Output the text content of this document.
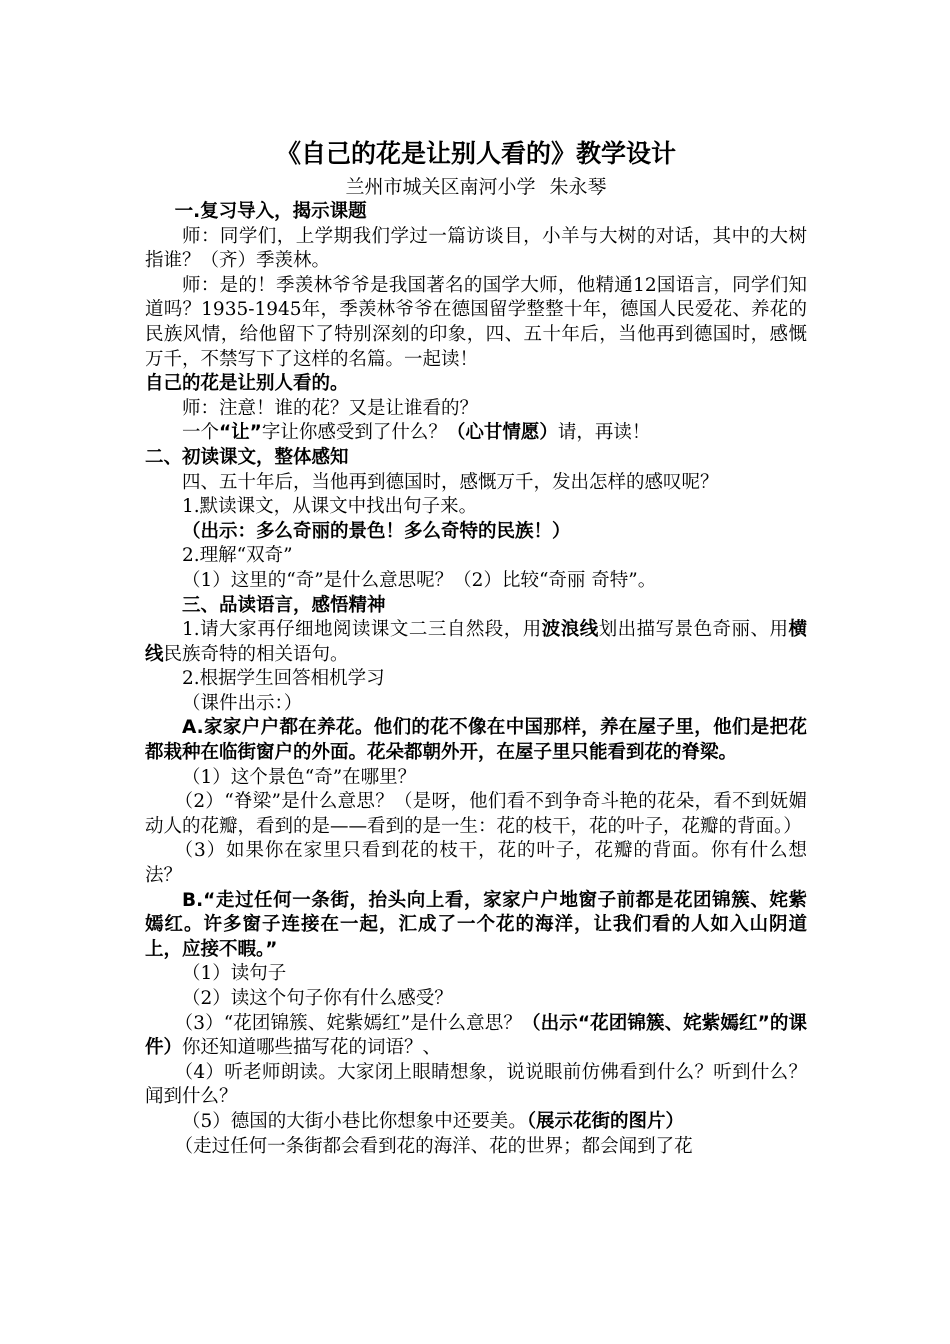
《自己的花是让别人看的》教学设计
兰州市城关区南河小学 朱永琴

一.复习导入，揭示课题

师：同学们，上学期我们学过一篇访谈目，小羊与大树的对话，其中的大树指谁？（齐）季羡林。

师：是的！季羡林爷爷是我国著名的国学大师，他精通12国语言，同学们知道吗？1935-1945年，季羡林爷爷在德国留学整整十年，德国人民爱花、养花的民族风情，给他留下了特别深刻的印象，四、五十年后，当他再到德国时，感慨万千，不禁写下了这样的名篇。一起读！

自己的花是让别人看的。

师：注意！谁的花？又是让谁看的？

一个“让”字让你感受到了什么？（心甘情愿）请，再读！

二、初读课文，整体感知

四、五十年后，当他再到德国时，感慨万千，发出怎样的感叹呢？

1.默读课文，从课文中找出句子来。

（出示：多么奇丽的景色！多么奇特的民族！）

2.理解“双奇”

（1）这里的“奇”是什么意思呢？（2）比较“奇丽 奇特”。

三、品读语言，感悟精神

1.请大家再仔细地阅读课文二三自然段，用波浪线划出描写景色奇丽、用横线民族奇特的相关语句。

2.根据学生回答相机学习

（课件出示：）

A.家家户户都在养花。他们的花不像在中国那样，养在屋子里，他们是把花都栽种在临街窗户的外面。花朵都朝外开，在屋子里只能看到花的脊梁。

（1）这个景色“奇”在哪里？

（2）“脊梁”是什么意思？（是呀，他们看不到争奇斗艳的花朵，看不到妩媚动人的花瓣，看到的是——看到的是一生：花的枝干，花的叶子，花瓣的背面。）

（3）如果你在家里只看到花的枝干，花的叶子，花瓣的背面。你有什么想法？

B.“走过任何一条街，抬头向上看，家家户户地窗子前都是花团锦簇、姹紫嫣红。许多窗子连接在一起，汇成了一个花的海洋，让我们看的人如入山阴道上，应接不暇。”

（1）读句子

（2）读这个句子你有什么感受？

（3）“花团锦簇、姹紫嫣红”是什么意思？（出示“花团锦簇、姹紫嫣红”的课件）你还知道哪些描写花的词语？、

（4）听老师朗读。大家闭上眼睛想象，说说眼前仿佛看到什么？听到什么？闻到什么？

（5）德国的大街小巷比你想象中还要美。（展示花街的图片）

（走过任何一条街都会看到花的海洋、花的世界；都会闻到了花
